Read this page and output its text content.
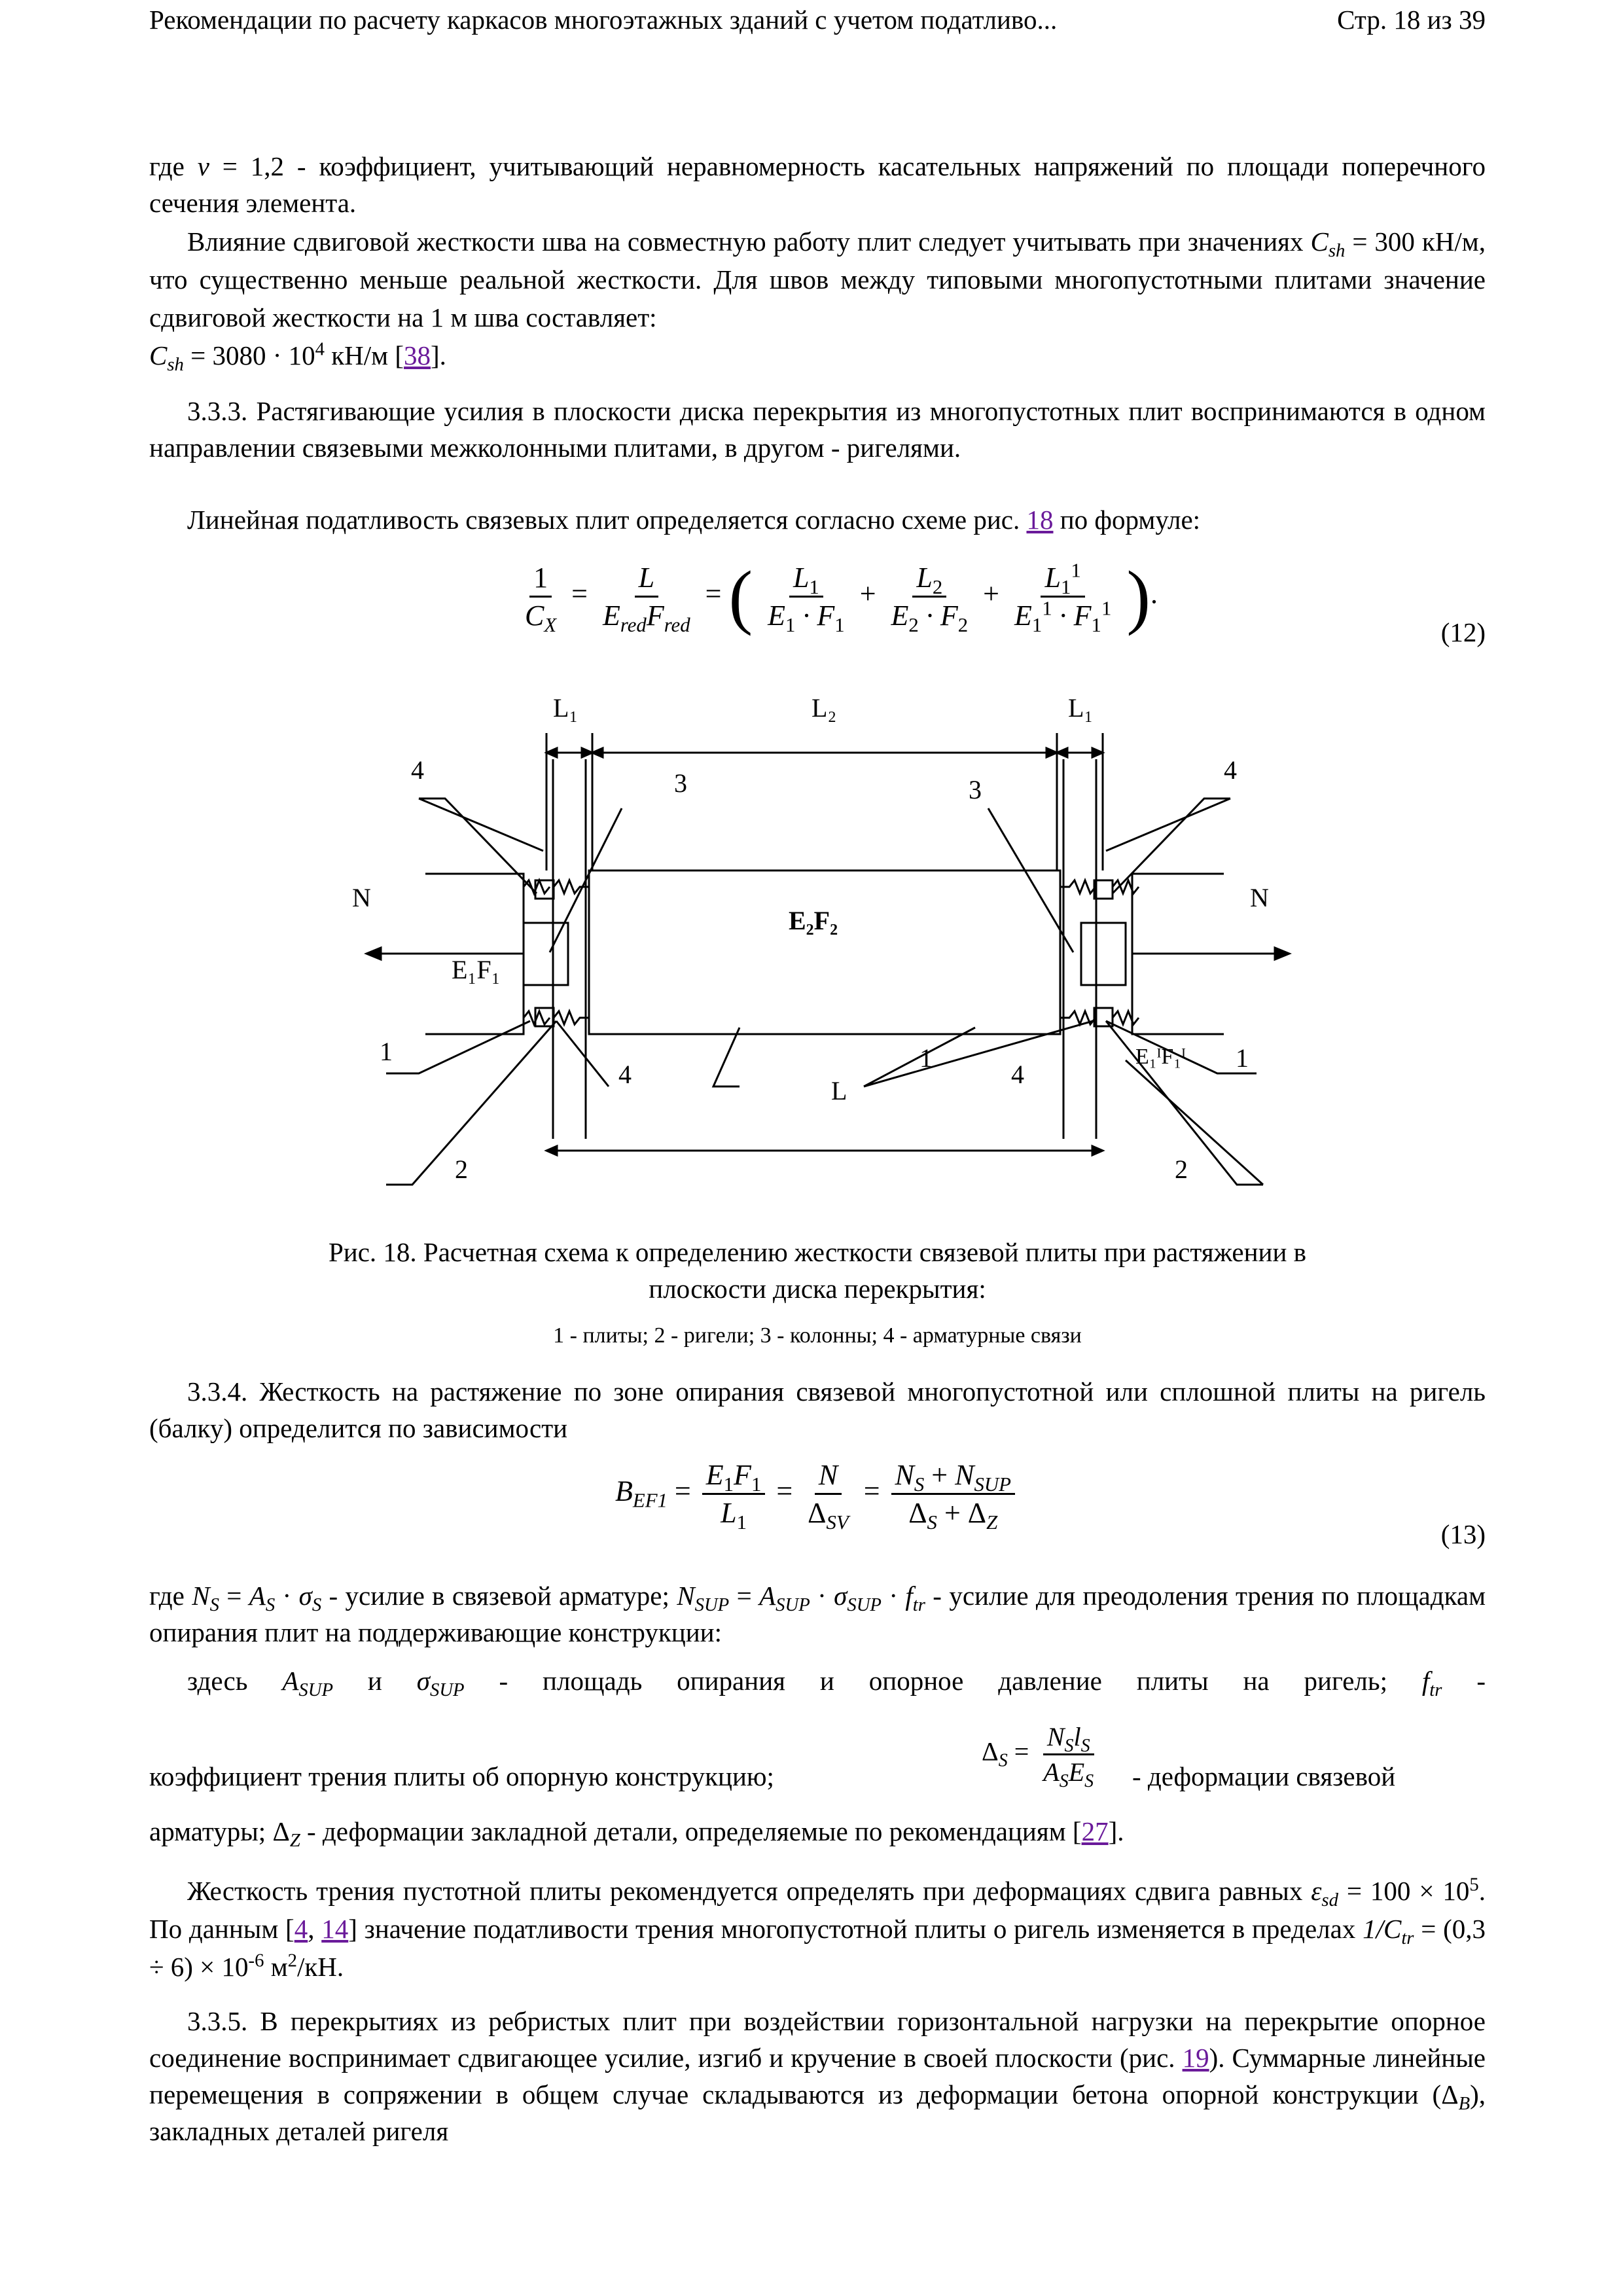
Рекомендации по расчету каркасов многоэтажных зданий с учетом податливо...	Стр. 18 из 39

где v = 1,2 - коэффициент, учитывающий неравномерность касательных напряжений по площади поперечного сечения элемента.

Влияние сдвиговой жесткости шва на совместную работу плит следует учитывать при значениях $C_{sh} = 300$ кН/м, что существенно меньше реальной жесткости. Для швов между типовыми многопустотными плитами значение сдвиговой жесткости на 1 м шва составляет:

$C_{sh} = 3080 \cdot 10^4$ кН/м [38].

3.3.3. Растягивающие усилия в плоскости диска перекрытия из многопустотных плит воспринимаются в одном направлении связевыми межколонными плитами, в другом - ригелями.

Линейная податливость связевых плит определяется согласно схеме рис. 18 по формуле:

$\frac{1}{C_X} = \frac{L}{E_{red}F_{red}}$ = ( $\frac{L_1}{E_1 \cdot F_1} + \frac{L_2}{E_2 \cdot F_2} + \frac{L_1^1}{E_1^1 \cdot F_1^1}$ ).
(12)
L₁	L₂	L₁
4	3	3
4
N	N
E₂F₂
E₁F₁
1
4
1
4
E₁ᴵF₁ᴵ 1
L
2	2
Рис. 18. Расчетная схема к определению жесткости связевой плиты при растяжении в
плоскости диска перекрытия:
1 - плиты; 2 - ригели; 3 - колонны; 4 - арматурные связи

3.3.4. Жесткость на растяжение по зоне опирания связевой многопустотной или сплошной плиты на ригель (балку) определится по зависимости

$B_{EF1} = \frac{E_1F_1}{L_1} = \frac{N}{\Delta_{SV}} = \frac{N_S + N_{SUP}}{\Delta_S + \Delta_Z}$
(13)

где $N_S = A_S \cdot \sigma_S$ - усилие в связевой арматуре; $N_{SUP} = A_{SUP} \cdot \sigma_{SUP} \cdot f_{tr}$ - усилие для преодоления трения по площадкам опирания плит на поддерживающие конструкции:

здесь $A_{SUP}$ и $\sigma_{SUP}$ - площадь опирания и опорное давление плиты на ригель; $f_{tr}$ -

коэффициент трения плиты об опорную конструкцию;
$\Delta_S = \frac{N_Sl_S}{A_SE_S}$ - деформации связевой

арматуры; $\Delta_Z$ - деформации закладной детали, определяемые по рекомендациям [27].

Жесткость трения пустотной плиты рекомендуется определять при деформациях сдвига равных $\varepsilon_{sd} = 100 \times 10^5$. По данным [4, 14] значение податливости трения многопустотной плиты о ригель изменяется в пределах $1/C_{tr} = (0,3 \div 6) \times 10^{-6}$ $м^2/кН$.

3.3.5. В перекрытиях из ребристых плит при воздействии горизонтальной нагрузки на перекрытие опорное соединение воспринимает сдвигающее усилие, изгиб и кручение в своей плоскости (рис. 19). Суммарные линейные перемещения в сопряжении в общем случае складываются из деформации бетона опорной конструкции $(\Delta_B)$, закладных деталей ригеля
